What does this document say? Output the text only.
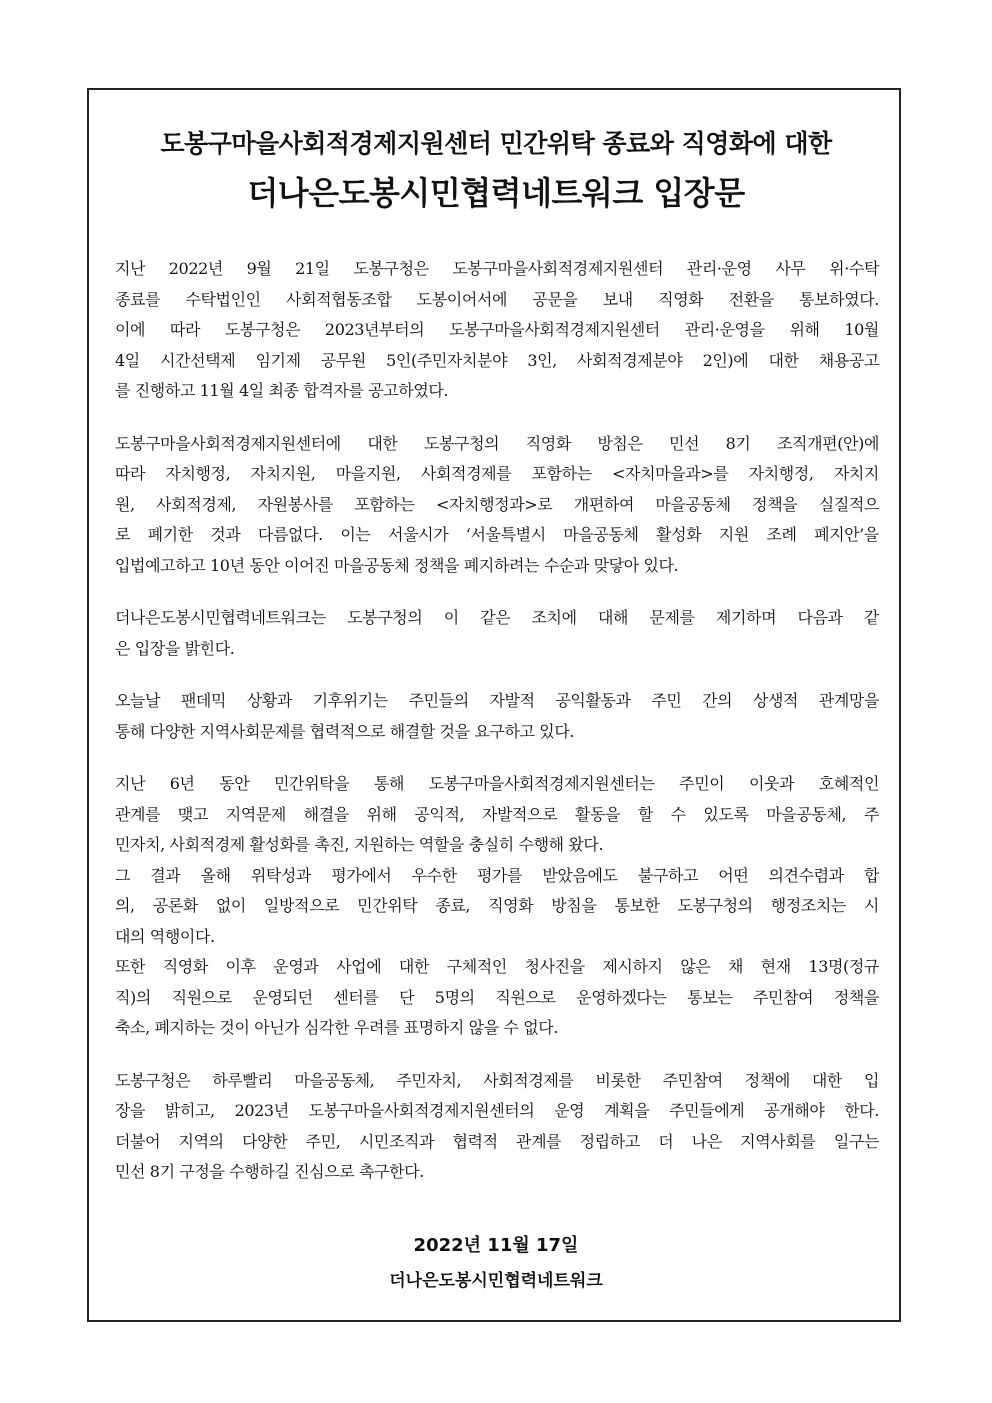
도봉구마을사회적경제지원센터 민간위탁 종료와 직영화에 대한
더나은도봉시민협력네트워크 입장문
지난 2022년 9월 21일 도봉구청은 도봉구마을사회적경제지원센터 관리·운영 사무 위·수탁
종료를 수탁법인인 사회적협동조합 도봉이어서에 공문을 보내 직영화 전환을 통보하였다.
이에 따라 도봉구청은 2023년부터의 도봉구마을사회적경제지원센터 관리·운영을 위해 10월
4일 시간선택제 임기제 공무원 5인(주민자치분야 3인, 사회적경제분야 2인)에 대한 채용공고
를 진행하고 11월 4일 최종 합격자를 공고하였다.
도봉구마을사회적경제지원센터에 대한 도봉구청의 직영화 방침은 민선 8기 조직개편(안)에
따라 자치행정, 자치지원, 마을지원, 사회적경제를 포함하는 <자치마을과>를 자치행정, 자치지
원, 사회적경제, 자원봉사를 포함하는 <자치행정과>로 개편하여 마을공동체 정책을 실질적으
로 폐기한 것과 다름없다. 이는 서울시가 ‘서울특별시 마을공동체 활성화 지원 조례 폐지안’을
입법예고하고 10년 동안 이어진 마을공동체 정책을 폐지하려는 수순과 맞닿아 있다.
더나은도봉시민협력네트워크는 도봉구청의 이 같은 조치에 대해 문제를 제기하며 다음과 같
은 입장을 밝힌다.
오늘날 팬데믹 상황과 기후위기는 주민들의 자발적 공익활동과 주민 간의 상생적 관계망을
통해 다양한 지역사회문제를 협력적으로 해결할 것을 요구하고 있다.
지난 6년 동안 민간위탁을 통해 도봉구마을사회적경제지원센터는 주민이 이웃과 호혜적인
관계를 맺고 지역문제 해결을 위해 공익적, 자발적으로 활동을 할 수 있도록 마을공동체, 주
민자치, 사회적경제 활성화를 촉진, 지원하는 역할을 충실히 수행해 왔다.
그 결과 올해 위탁성과 평가에서 우수한 평가를 받았음에도 불구하고 어떤 의견수렴과 합
의, 공론화 없이 일방적으로 민간위탁 종료, 직영화 방침을 통보한 도봉구청의 행정조치는 시
대의 역행이다.
또한 직영화 이후 운영과 사업에 대한 구체적인 청사진을 제시하지 않은 채 현재 13명(정규
직)의 직원으로 운영되던 센터를 단 5명의 직원으로 운영하겠다는 통보는 주민참여 정책을
축소, 폐지하는 것이 아닌가 심각한 우려를 표명하지 않을 수 없다.
도봉구청은 하루빨리 마을공동체, 주민자치, 사회적경제를 비롯한 주민참여 정책에 대한 입
장을 밝히고, 2023년 도봉구마을사회적경제지원센터의 운영 계획을 주민들에게 공개해야 한다.
더불어 지역의 다양한 주민, 시민조직과 협력적 관계를 정립하고 더 나은 지역사회를 일구는
민선 8기 구정을 수행하길 진심으로 촉구한다.
2022년 11월 17일
더나은도봉시민협력네트워크
